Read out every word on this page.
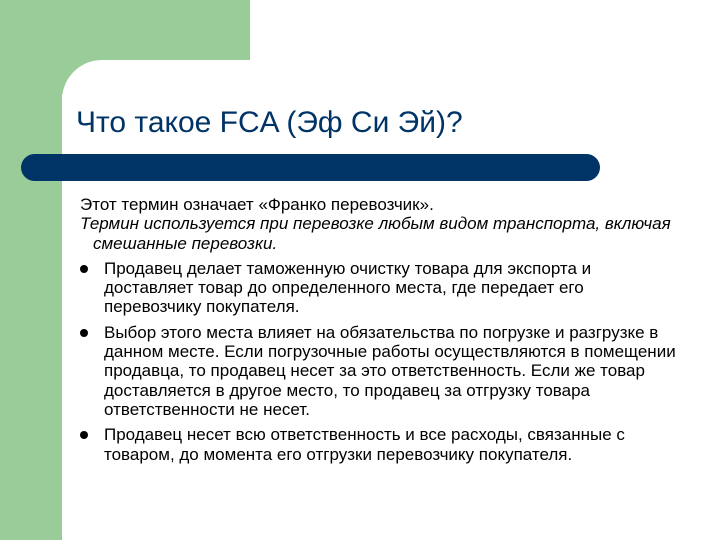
Что такое FCA (Эф Си Эй)?

Этот термин означает «Франко перевозчик».

Термин используется при перевозке любым видом транспорта, включая смешанные перевозки.

Продавец делает таможенную очистку товара для экспорта и доставляет товар до определенного места, где передает его перевозчику покупателя.
Выбор этого места влияет на обязательства по погрузке и разгрузке в данном месте. Если погрузочные работы осуществляются в помещении продавца, то продавец несет за это ответственность. Если же товар доставляется в другое место, то продавец за отгрузку товара ответственности не несет.
Продавец несет всю ответственность и все расходы, связанные с товаром, до момента его отгрузки перевозчику покупателя.
